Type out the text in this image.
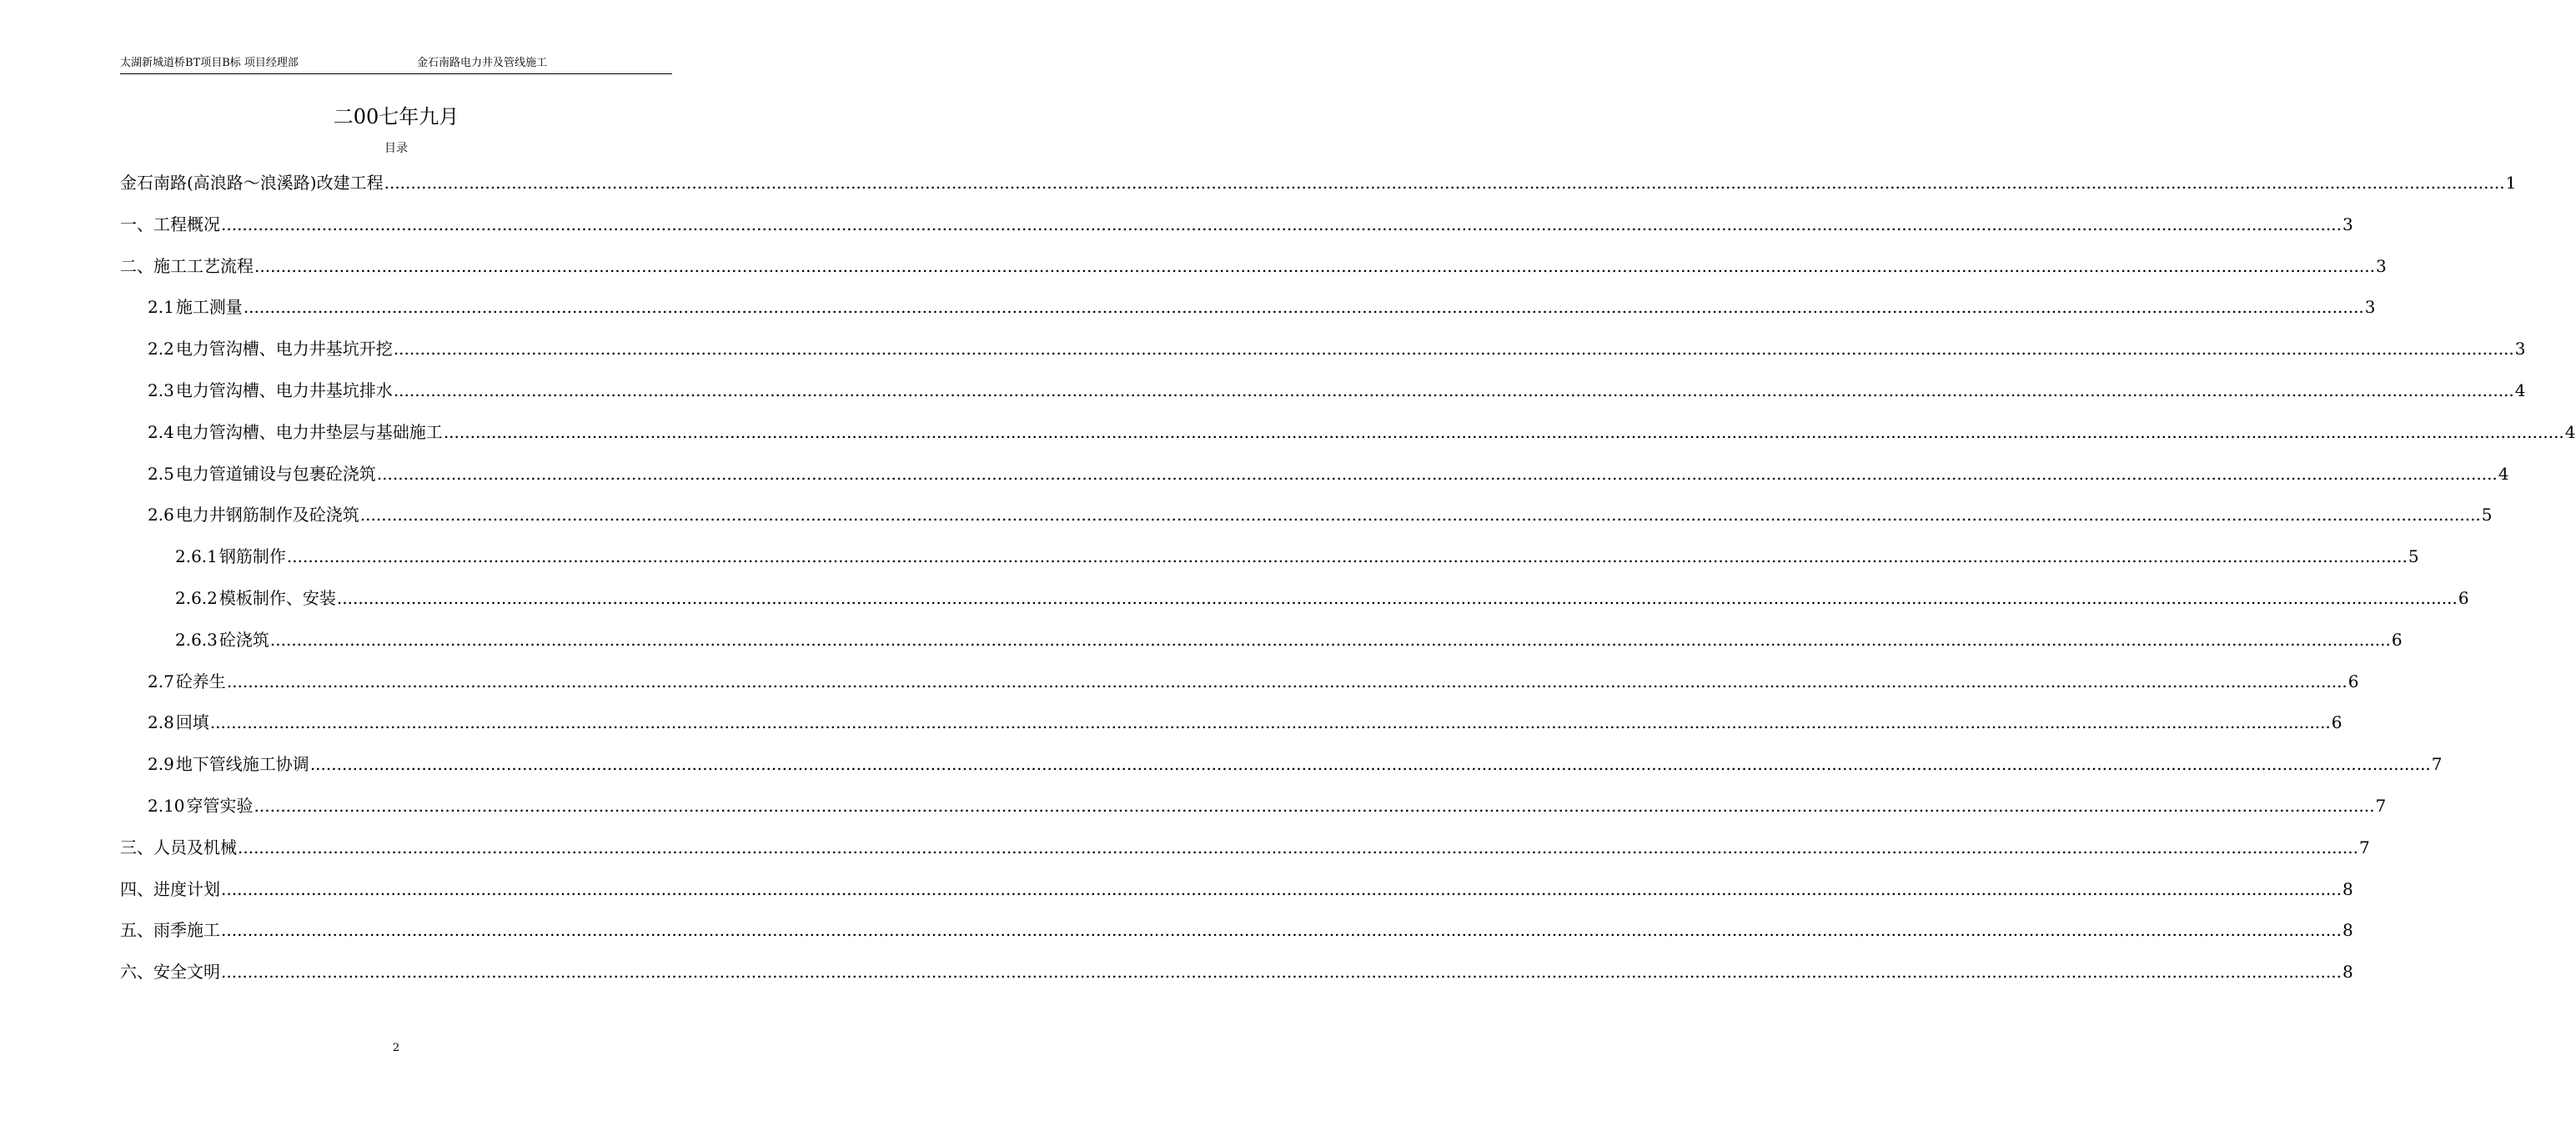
太湖新城道桥BT项目B标 项目经理部	金石南路电力井及管线施工
二00七年九月
目录
金石南路(高浪路～浪溪路)改建工程 ................................................................................................................................................................................................................................................................................................................................................................................................................ 1
一、 工程概况 ................................................................................................................................................................................................................................................................................................................................................................................................................ 3
二、 施工工艺流程 ................................................................................................................................................................................................................................................................................................................................................................................................................ 3
2.1 施工测量 ................................................................................................................................................................................................................................................................................................................................................................................................................ 3
2.2 电力管沟槽、电力井基坑开挖 ................................................................................................................................................................................................................................................................................................................................................................................................................ 3
2.3 电力管沟槽、电力井基坑排水 ................................................................................................................................................................................................................................................................................................................................................................................................................ 4
2.4 电力管沟槽、电力井垫层与基础施工 ................................................................................................................................................................................................................................................................................................................................................................................................................ 4
2.5 电力管道铺设与包裹砼浇筑 ................................................................................................................................................................................................................................................................................................................................................................................................................ 4
2.6 电力井钢筋制作及砼浇筑 ................................................................................................................................................................................................................................................................................................................................................................................................................ 5
2.6.1 钢筋制作 ................................................................................................................................................................................................................................................................................................................................................................................................................ 5
2.6.2 模板制作、安装 ................................................................................................................................................................................................................................................................................................................................................................................................................ 6
2.6.3 砼浇筑 ................................................................................................................................................................................................................................................................................................................................................................................................................ 6
2.7 砼养生 ................................................................................................................................................................................................................................................................................................................................................................................................................ 6
2.8 回填 ................................................................................................................................................................................................................................................................................................................................................................................................................ 6
2.9 地下管线施工协调 ................................................................................................................................................................................................................................................................................................................................................................................................................ 7
2.10 穿管实验 ................................................................................................................................................................................................................................................................................................................................................................................................................ 7
三、 人员及机械 ................................................................................................................................................................................................................................................................................................................................................................................................................ 7
四、 进度计划 ................................................................................................................................................................................................................................................................................................................................................................................................................ 8
五、 雨季施工 ................................................................................................................................................................................................................................................................................................................................................................................................................ 8
六、 安全文明 ................................................................................................................................................................................................................................................................................................................................................................................................................ 8
2
